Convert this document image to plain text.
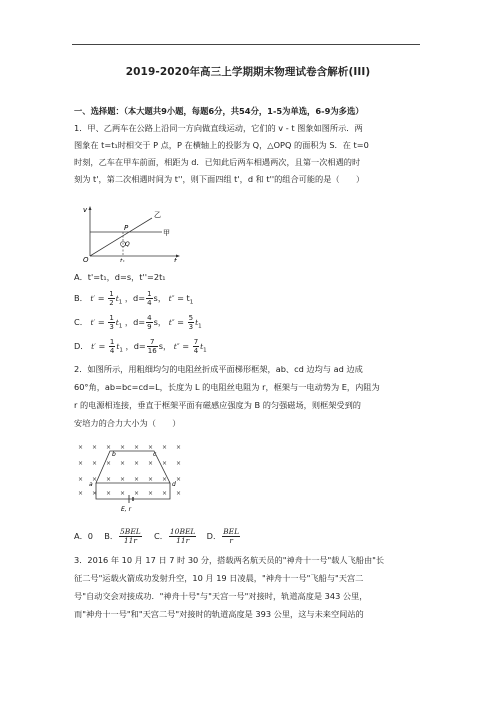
2019-2020年高三上学期期末物理试卷含解析(III)

一、选择题：（本大题共9小题，每题6分，共54分，1-5为单选，6-9为多选）

1．甲、乙两车在公路上沿同一方向做直线运动，它们的 v - t 图象如图所示．两

图象在 t=t₁时相交于 P 点，P 在横轴上的投影为 Q，△OPQ 的面积为 S．在 t=0

时刻，乙车在甲车前面，相距为 d．已知此后两车相遇两次，且第一次相遇的时

刻为 t'，第二次相遇时间为 t''，则下面四组 t'，d 和 t''的组合可能的是（　　）

v
乙
甲
P
Q
O	t₁	t
A．t'=t₁，d=s，t''=2t₁
B． $t' = \frac{1}{2} t_1$ ，$d= \frac{1}{4}$ s， $t'' = t_1$
C． $t' = \frac{1}{3} t_1$ ，$d= \frac{4}{9}$ s， $t'' = \frac{5}{3} t_1$
D． $t' = \frac{1}{4} t_1$ ，$d= \frac{7}{16}$ s， $t'' = \frac{7}{4} t_1$

2．如图所示，用粗细均匀的电阻丝折成平面梯形框架，ab、cd 边均与 ad 边成

60°角，ab=bc=cd=L，长度为 L 的电阻丝电阻为 r，框架与一电动势为 E，内阻为

r 的电源相连接，垂直于框架平面有磁感应强度为 B 的匀强磁场，则框架受到的

安培力的合力大小为（　　）

× × × × × × × ×
× × × × × × × ×
× × × × × × × ×
× × × × × × × ×
b	c
a	d
E, r
A．0 B． $\frac{\text{5BEL}}{11r}$ C． $\frac{\text{10BEL}}{11r}$ D． $\frac{\text{BEL}}{r}$

3．2016 年 10 月 17 日 7 时 30 分，搭载两名航天员的"神舟十一号"载人飞船由"长

征二号"运载火箭成功发射升空，10 月 19 日凌晨，"神舟十一号"飞船与"天宫二

号"自动交会对接成功．"神舟十号"与"天宫一号"对接时，轨道高度是 343 公里，

而"神舟十一号"和"天宫二号"对接时的轨道高度是 393 公里，这与未来空间站的
